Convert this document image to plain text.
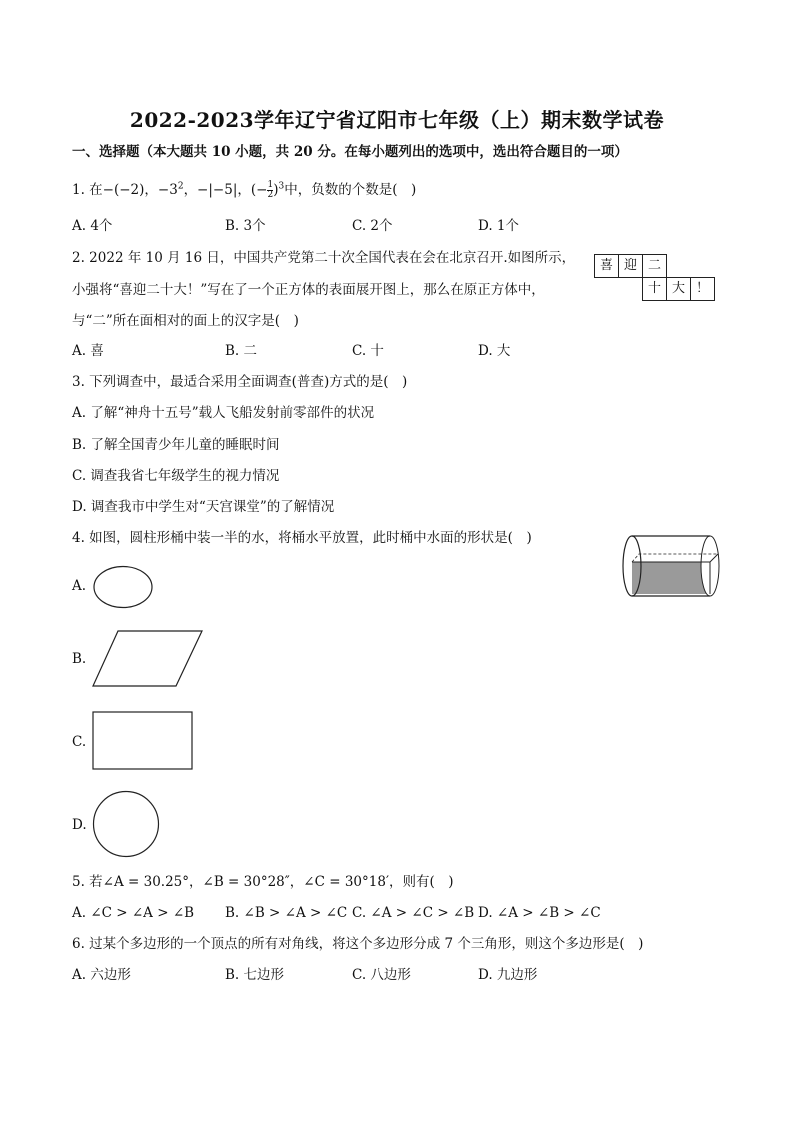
2022-2023学年辽宁省辽阳市七年级（上）期末数学试卷
一、选择题（本大题共 10 小题，共 20 分。在每小题列出的选项中，选出符合题目的一项）
1. 在−(−2)，$-3^2$，−|−5|，(− $\frac{1}{2} )^3$中，负数的个数是(　)
A. 4个	B. 3个	C. 2个	D. 1个
2. 2022 年 10 月 16 日，中国共产党第二十次全国代表在会在北京召开.如图所示，
小强将“喜迎二十大！”写在了一个正方体的表面展开图上，那么在原正方体中，
与“二”所在面相对的面上的汉字是(　)
喜 迎 二
十 大 ！
A. 喜	B. 二	C. 十	D. 大
3. 下列调查中，最适合采用全面调查(普查)方式的是(　)
A. 了解“神舟十五号”载人飞船发射前零部件的状况
B. 了解全国青少年儿童的睡眠时间
C. 调查我省七年级学生的视力情况
D. 调查我市中学生对“天宫课堂”的了解情况
4. 如图，圆柱形桶中装一半的水，将桶水平放置，此时桶中水面的形状是(　)
A.
B.
C.
D.
5. 若∠A = 30.25°，∠B = 30°28″，∠C = 30°18′，则有(　)
A. ∠C > ∠A > ∠B B. ∠B > ∠A > ∠C C. ∠A > ∠C > ∠B D. ∠A > ∠B > ∠C
6. 过某个多边形的一个顶点的所有对角线，将这个多边形分成 7 个三角形，则这个多边形是(　)
A. 六边形	B. 七边形	C. 八边形	D. 九边形
